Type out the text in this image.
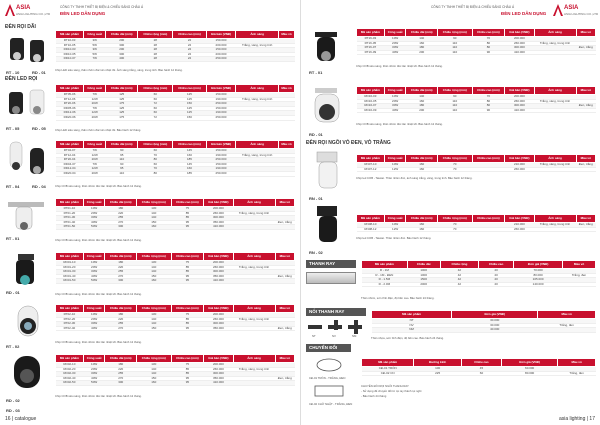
ASIA
ASIA LIGHTING CO.,LTD
CÔNG TY TNHH THIẾT BỊ ĐIỆN & CHIẾU SÁNG CHÂU Á
ĐÈN LED DÂN DỤNG
ĐÈN RỌI DÃI
RT - 10	RD - 01
Mã sản phẩm	Công suất	Chiều dài (mm)	Chiều rộng (mm)	Chiều cao (mm)	Giá bán (VNĐ)	Ánh sáng	Màu vỏ
RT10-03	3W	200	28	22	150.000		
RT10-05	5W	300	28	22	200.000	Trắng, vàng, trung tính	
RD10-03	3W	200	28	22	150.000		
RD10-05	5W	300	28	22	200.000		
RD10-07	7W	400	28	22	250.000		
Chip LED siêu sáng, thân nhôm đúc tản nhiệt tốt. Ánh sáng trắng, vàng, trung tính. Bảo hành 12 tháng.
ĐÈN LED RỌI
RT - 05	RD - 05
Mã sản phẩm	Công suất	Chiều dài (mm)	Chiều rộng (mm)	Chiều cao (mm)	Giá bán (VNĐ)	Ánh sáng	Màu vỏ
RT05-06	7W	125	60	125	150.000		
RT12-06	12W	125	60	125	190.000	Trắng, vàng, trung tính	
RT20-06	20W	175	72	150	250.000		
RD05-06	7W	125	60	125	150.000		
RD12-06	12W	125	60	125	190.000		
RD20-06	20W	175	72	150	250.000		
Chip LED siêu sáng, thân nhôm đúc tản nhiệt tốt. Bảo hành 12 tháng.
RT - 04	RD - 04
Mã sản phẩm	Công suất	Chiều dài (mm)	Chiều rộng (mm)	Chiều cao (mm)	Giá bán (VNĐ)	Ánh sáng	Màu vỏ
RT04-07	7W	90	60	145	150.000		
RT12-04	12W	95	70	160	190.000	Trắng, vàng, trung tính	
RT20-04	20W	110	80	185	250.000		
RD04-07	7W	90	60	145	150.000		
RD12-04	12W	95	70	160	190.000		
RD20-04	20W	110	80	185	250.000		
Chip COB siêu sáng, thân nhôm đúc tản nhiệt tốt. Bảo hành 12 tháng.
RT - 01
Mã sản phẩm	Công suất	Chiều dài (mm)	Chiều rộng (mm)	Chiều cao (mm)	Giá bán (VNĐ)	Ánh sáng	Màu vỏ
RT01-10	10W	180	130	75	200.000		
RT01-20	20W	220	140	85	260.000	Trắng, vàng, trung tính	
RT01-30	30W	255	140	85	300.000		
RT01-40	40W	270	150	95	350.000		Đen, trắng
RT01-50	50W	300	160	95	410.000		
Chip COB siêu sáng, thân nhôm đúc tản nhiệt tốt. Bảo hành 12 tháng.
RD - 01
Mã sản phẩm	Công suất	Chiều dài (mm)	Chiều rộng (mm)	Chiều cao (mm)	Giá bán (VNĐ)	Ánh sáng	Màu vỏ
RD01-10	10W	180	130	75	200.000		
RD01-20	20W	220	140	85	260.000	Trắng, vàng, trung tính	
RD01-30	30W	255	140	85	300.000		
RD01-40	40W	270	150	95	350.000		Đen, trắng
RD01-50	50W	300	160	95	410.000		
Chip COB siêu sáng, thân nhôm đúc tản nhiệt tốt. Bảo hành 12 tháng.
RT - 02
Mã sản phẩm	Công suất	Chiều dài (mm)	Chiều rộng (mm)	Chiều cao (mm)	Giá bán (VNĐ)	Ánh sáng	Màu vỏ
RT02-10	10W	180	130	75	200.000		
RT02-20	20W	220	140	85	260.000	Trắng, vàng, trung tính	
RT02-30	30W	255	140	85	300.000		
RT02-40	40W	270	150	95	350.000		Đen, trắng
Chip COB siêu sáng, thân nhôm đúc tản nhiệt tốt. Bảo hành 12 tháng.
RD - 02
RD - 03
Mã sản phẩm	Công suất	Chiều dài (mm)	Chiều rộng (mm)	Chiều cao (mm)	Giá bán (VNĐ)	Ánh sáng	Màu vỏ
RD02-10	10W	180	130	75	200.000		
RD02-20	20W	220	140	85	260.000	Trắng, vàng, trung tính	
RD02-30	30W	255	140	85	300.000		
RD02-40	40W	270	150	95	350.000		Đen, trắng
RD02-50	50W	300	160	95	410.000		
Chip COB siêu sáng, thân nhôm đúc tản nhiệt tốt. Bảo hành 12 tháng.
16 | catalogue
CÔNG TY TNHH THIẾT BỊ ĐIỆN & CHIẾU SÁNG CHÂU Á
ĐÈN LED DÂN DỤNG
ASIA
ASIA LIGHTING CO.,LTD
RT - 01
Mã sản phẩm	Công suất	Chiều dài (mm)	Chiều rộng (mm)	Chiều cao (mm)	Giá bán (VNĐ)	Ánh sáng	Màu vỏ
RT16-03	10W	140	90	70	200.000		
RT16-05	20W	160	110	80	260.000	Trắng, vàng, trung tính	
RT16-07	30W	180	110	80	300.000		Đen, trắng
RT16-09	40W	200	110	90	410.000		
Chip COB siêu sáng, thân nhôm đúc tản nhiệt tốt. Bảo hành 12 tháng.
RD - 01
Mã sản phẩm	Công suất	Chiều dài (mm)	Chiều rộng (mm)	Chiều cao (mm)	Giá bán (VNĐ)	Ánh sáng	Màu vỏ
RD16-03	10W	140	90	70	200.000		
RD16-05	20W	160	110	80	260.000	Trắng, vàng, trung tính	
RD16-07	30W	180	110	80	300.000		Đen, trắng
RD16-09	40W	200	110	90	410.000		
Chip COB siêu sáng, thân nhôm đúc tản nhiệt tốt. Bảo hành 12 tháng.
ĐÈN RỌI NGỒI VỎ ĐEN, VỎ TRẮNG
RN - 01
Mã sản phẩm	Công suất	Chiều dài (mm)	Chiều rộng (mm)	Chiều cao (mm)	Giá bán (VNĐ)	Ánh sáng	Màu vỏ
RN07-10	10W	160	70		210.000	Trắng, vàng, trung tính	Đen, trắng
RN07-12	12W	160	70		260.000		
Chip led COB - Taiwan. Thân nhôm đúc, ánh sáng trắng, vàng, trung tính. Bảo hành 12 tháng.
RN - 02
Mã sản phẩm	Công suất	Chiều dài (mm)	Chiều rộng (mm)	Chiều cao (mm)	Giá bán (VNĐ)	Ánh sáng	Màu vỏ
RN08-10	10W	160	70		210.000	Trắng, vàng, trung tính	Đen, trắng
RN08-12	12W	160	70		260.000		
Chip led COB - Taiwan. Thân nhôm đúc. Bảo hành 12 tháng.
THANH RAY	Mã sản phẩm	Chiều dài	Chiều rộng	Chiều cao	Đơn giá (VNĐ)	Màu vỏ
R - 1M	1000	42	20	70.000	
R - 1M - ĐEN	1000	42	20	80.000	Trắng, đen
R - 1.5M	1500	42	20	105.000	
R - 2.0M	2000	42	20	140.000	
Thân nhôm, sơn tĩnh điện, độ bền cao. Bảo hành 24 tháng.
NỐI THANH RAY
NT	NV	NM
Mã sản phẩm	Đơn giá (VNĐ)	Màu vỏ
NT	30.000	
NV	30.000	Trắng, đen
NM	40.000	
Thân nhựa, sơn tĩnh điện, độ bền cao. Bảo hành 24 tháng.
CHUYỂN ĐỔI
CĐ-01 TRÒN - TRẮNG, ĐEN
CĐ-02 CHỮ NHẬT - TRẮNG, ĐEN
Mã sản phẩm	Đường kính	Chiều cao	Đơn giá (VNĐ)	Màu vỏ
CĐ-01 TRÒN	100	45	60.000	
CĐ-02 CN	225	60	80.000	Trắng, đen
CHUYỂN ĐỔI RỌI NGỒI THANH RAY
- Sử dụng để chuyển đổi từ rọi ray thành rọi ngồi
- Bảo hành 24 tháng
asia lighting | 17
